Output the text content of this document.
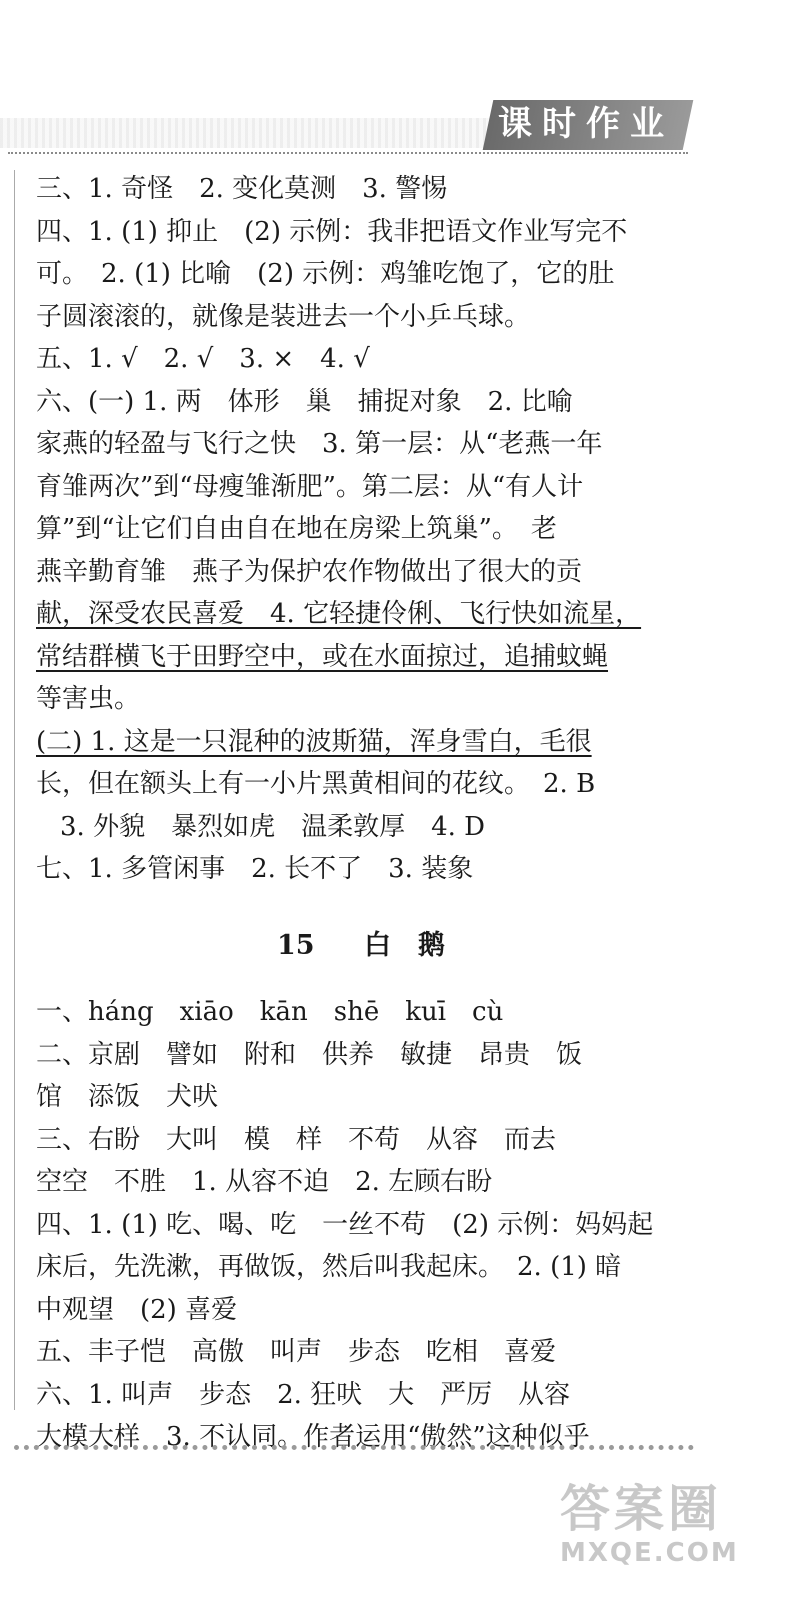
课时作业
三、1. 奇怪　2. 变化莫测　3. 警惕
四、1. (1) 抑止　(2) 示例：我非把语文作业写完不
可。　2. (1) 比喻　(2) 示例：鸡雏吃饱了，它的肚
子圆滚滚的，就像是装进去一个小乒乓球。
五、1. √　2. √　3. ×　4. √
六、(一) 1. 两　体形　巢　捕捉对象　2. 比喻
家燕的轻盈与飞行之快　3. 第一层：从“老燕一年
育雏两次”到“母瘦雏渐肥”。第二层：从“有人计
算”到“让它们自由自在地在房梁上筑巢”。　老
燕辛勤育雏　燕子为保护农作物做出了很大的贡
献，深受农民喜爱　4. 它轻捷伶俐、飞行快如流星，
常结群横飞于田野空中，或在水面掠过，追捕蚊蝇
等害虫。
(二) 1. 这是一只混种的波斯猫，浑身雪白，毛很
长，但在额头上有一小片黑黄相间的花纹。　2. B
3. 外貌　暴烈如虎　温柔敦厚　4. D
七、1. 多管闲事　2. 长不了　3. 装象
15 白　鹅
一、háng　xiāo　kān　shē　kuī　cù
二、京剧　譬如　附和　供养　敏捷　昂贵　饭
馆　添饭　犬吠
三、右盼　大叫　模　样　不苟　从容　而去
空空　不胜　1. 从容不迫　2. 左顾右盼
四、1. (1) 吃、喝、吃　一丝不苟　(2) 示例：妈妈起
床后，先洗漱，再做饭，然后叫我起床。　2. (1) 暗
中观望　(2) 喜爱
五、丰子恺　高傲　叫声　步态　吃相　喜爱
六、1. 叫声　步态　2. 狂吠　大　严厉　从容
大模大样　3. 不认同。作者运用“傲然”这种似乎
答案圈
MXQE.COM
